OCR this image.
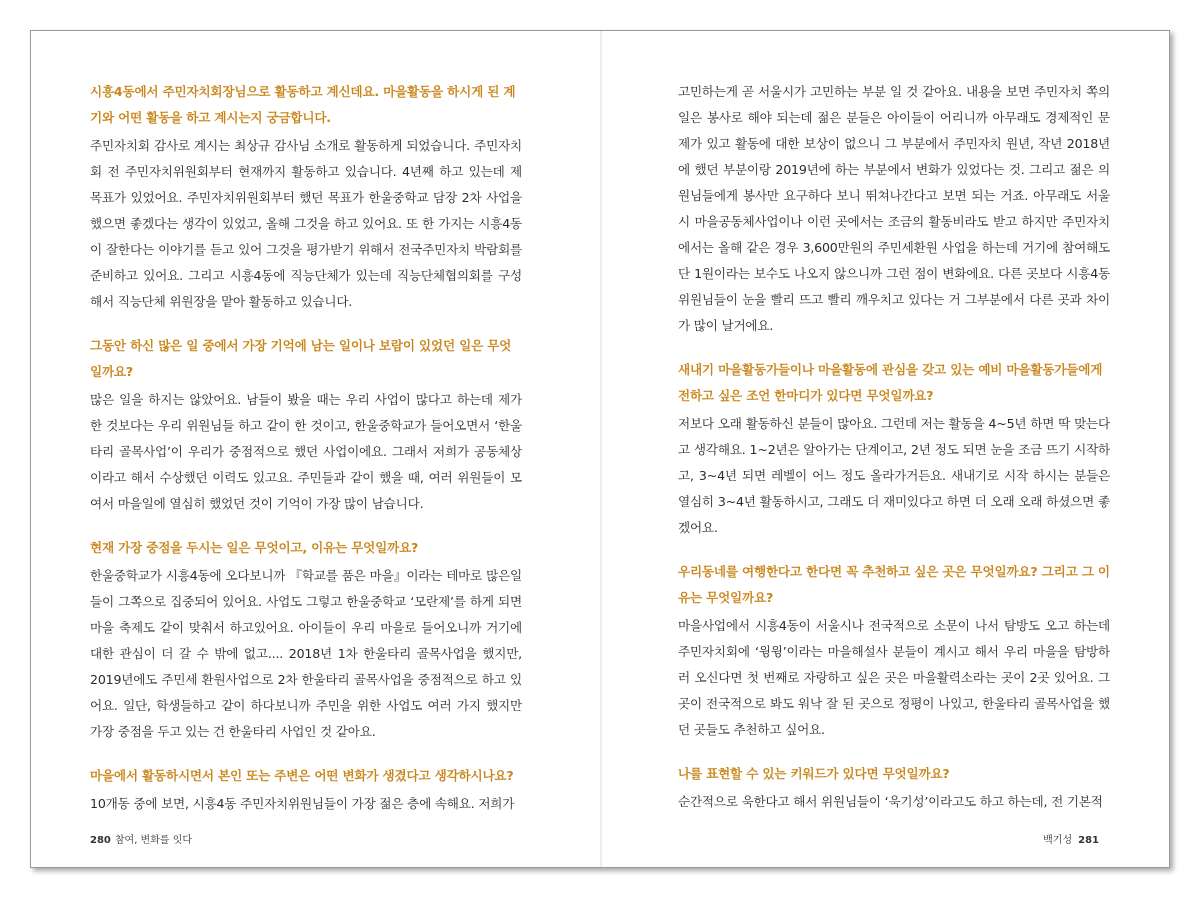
시흥4동에서 주민자치회장님으로 활동하고 계신데요. 마을활동을 하시게 된 계기와 어떤 활동을 하고 계시는지 궁금합니다.

주민자치회 감사로 계시는 최상규 감사님 소개로 활동하게 되었습니다. 주민자치회 전 주민자치위원회부터 현재까지 활동하고 있습니다. 4년째 하고 있는데 제 목표가 있었어요. 주민자치위원회부터 했던 목표가 한울중학교 담장 2차 사업을 했으면 좋겠다는 생각이 있었고, 올해 그것을 하고 있어요. 또 한 가지는 시흥4동이 잘한다는 이야기를 듣고 있어 그것을 평가받기 위해서 전국주민자치 박람회를 준비하고 있어요. 그리고 시흥4동에 직능단체가 있는데 직능단체협의회를 구성해서 직능단체 위원장을 맡아 활동하고 있습니다.

그동안 하신 많은 일 중에서 가장 기억에 남는 일이나 보람이 있었던 일은 무엇일까요?

많은 일을 하지는 않았어요. 남들이 봤을 때는 우리 사업이 많다고 하는데 제가 한 것보다는 우리 위원님들 하고 같이 한 것이고, 한울중학교가 들어오면서 ‘한울타리 골목사업’이 우리가 중점적으로 했던 사업이에요. 그래서 저희가 공동체상이라고 해서 수상했던 이력도 있고요. 주민들과 같이 했을 때, 여러 위원들이 모여서 마을일에 열심히 했었던 것이 기억이 가장 많이 남습니다.

현재 가장 중점을 두시는 일은 무엇이고, 이유는 무엇일까요?

한울중학교가 시흥4동에 오다보니까 『학교를 품은 마을』이라는 테마로 많은일들이 그쪽으로 집중되어 있어요. 사업도 그렇고 한울중학교 ‘모란제’를 하게 되면 마을 축제도 같이 맞춰서 하고있어요. 아이들이 우리 마을로 들어오니까 거기에 대한 관심이 더 갈 수 밖에 없고.... 2018년 1차 한울타리 골목사업을 했지만, 2019년에도 주민세 환원사업으로 2차 한울타리 골목사업을 중점적으로 하고 있어요. 일단, 학생들하고 같이 하다보니까 주민을 위한 사업도 여러 가지 했지만 가장 중점을 두고 있는 건 한울타리 사업인 것 같아요.

마을에서 활동하시면서 본인 또는 주변은 어떤 변화가 생겼다고 생각하시나요?

10개동 중에 보면, 시흥4동 주민자치위원님들이 가장 젊은 층에 속해요. 저희가

280 참여, 변화를 잇다

고민하는게 곧 서울시가 고민하는 부분 일 것 같아요. 내용을 보면 주민자치 쪽의 일은 봉사로 해야 되는데 젊은 분들은 아이들이 어리니까 아무래도 경제적인 문제가 있고 활동에 대한 보상이 없으니 그 부분에서 주민자치 원년, 작년 2018년에 했던 부분이랑 2019년에 하는 부분에서 변화가 있었다는 것. 그리고 젊은 의원님들에게 봉사만 요구하다 보니 뛰쳐나간다고 보면 되는 거죠. 아무래도 서울시 마을공동체사업이나 이런 곳에서는 조금의 활동비라도 받고 하지만 주민자치에서는 올해 같은 경우 3,600만원의 주민세환원 사업을 하는데 거기에 참여해도 단 1원이라는 보수도 나오지 않으니까 그런 점이 변화에요. 다른 곳보다 시흥4동 위원님들이 눈을 빨리 뜨고 빨리 깨우치고 있다는 거 그부분에서 다른 곳과 차이가 많이 날거에요.

새내기 마을활동가들이나 마을활동에 관심을 갖고 있는 예비 마을활동가들에게 전하고 싶은 조언 한마디가 있다면 무엇일까요?

저보다 오래 활동하신 분들이 많아요. 그런데 저는 활동을 4~5년 하면 딱 맞는다고 생각해요. 1~2년은 알아가는 단계이고, 2년 정도 되면 눈을 조금 뜨기 시작하고, 3~4년 되면 레벨이 어느 정도 올라가거든요. 새내기로 시작 하시는 분들은 열심히 3~4년 활동하시고, 그래도 더 재미있다고 하면 더 오래 오래 하셨으면 좋겠어요.

우리동네를 여행한다고 한다면 꼭 추천하고 싶은 곳은 무엇일까요? 그리고 그 이유는 무엇일까요?

마을사업에서 시흥4동이 서울시나 전국적으로 소문이 나서 탐방도 오고 하는데 주민자치회에 ‘윙윙’이라는 마을해설사 분들이 계시고 해서 우리 마을을 탐방하러 오신다면 첫 번째로 자랑하고 싶은 곳은 마을활력소라는 곳이 2곳 있어요. 그 곳이 전국적으로 봐도 워낙 잘 된 곳으로 정평이 나있고, 한울타리 골목사업을 했던 곳들도 추천하고 싶어요.

나를 표현할 수 있는 키워드가 있다면 무엇일까요?

순간적으로 욱한다고 해서 위원님들이 ‘욱기성’이라고도 하고 하는데, 전 기본적

백기성 281
